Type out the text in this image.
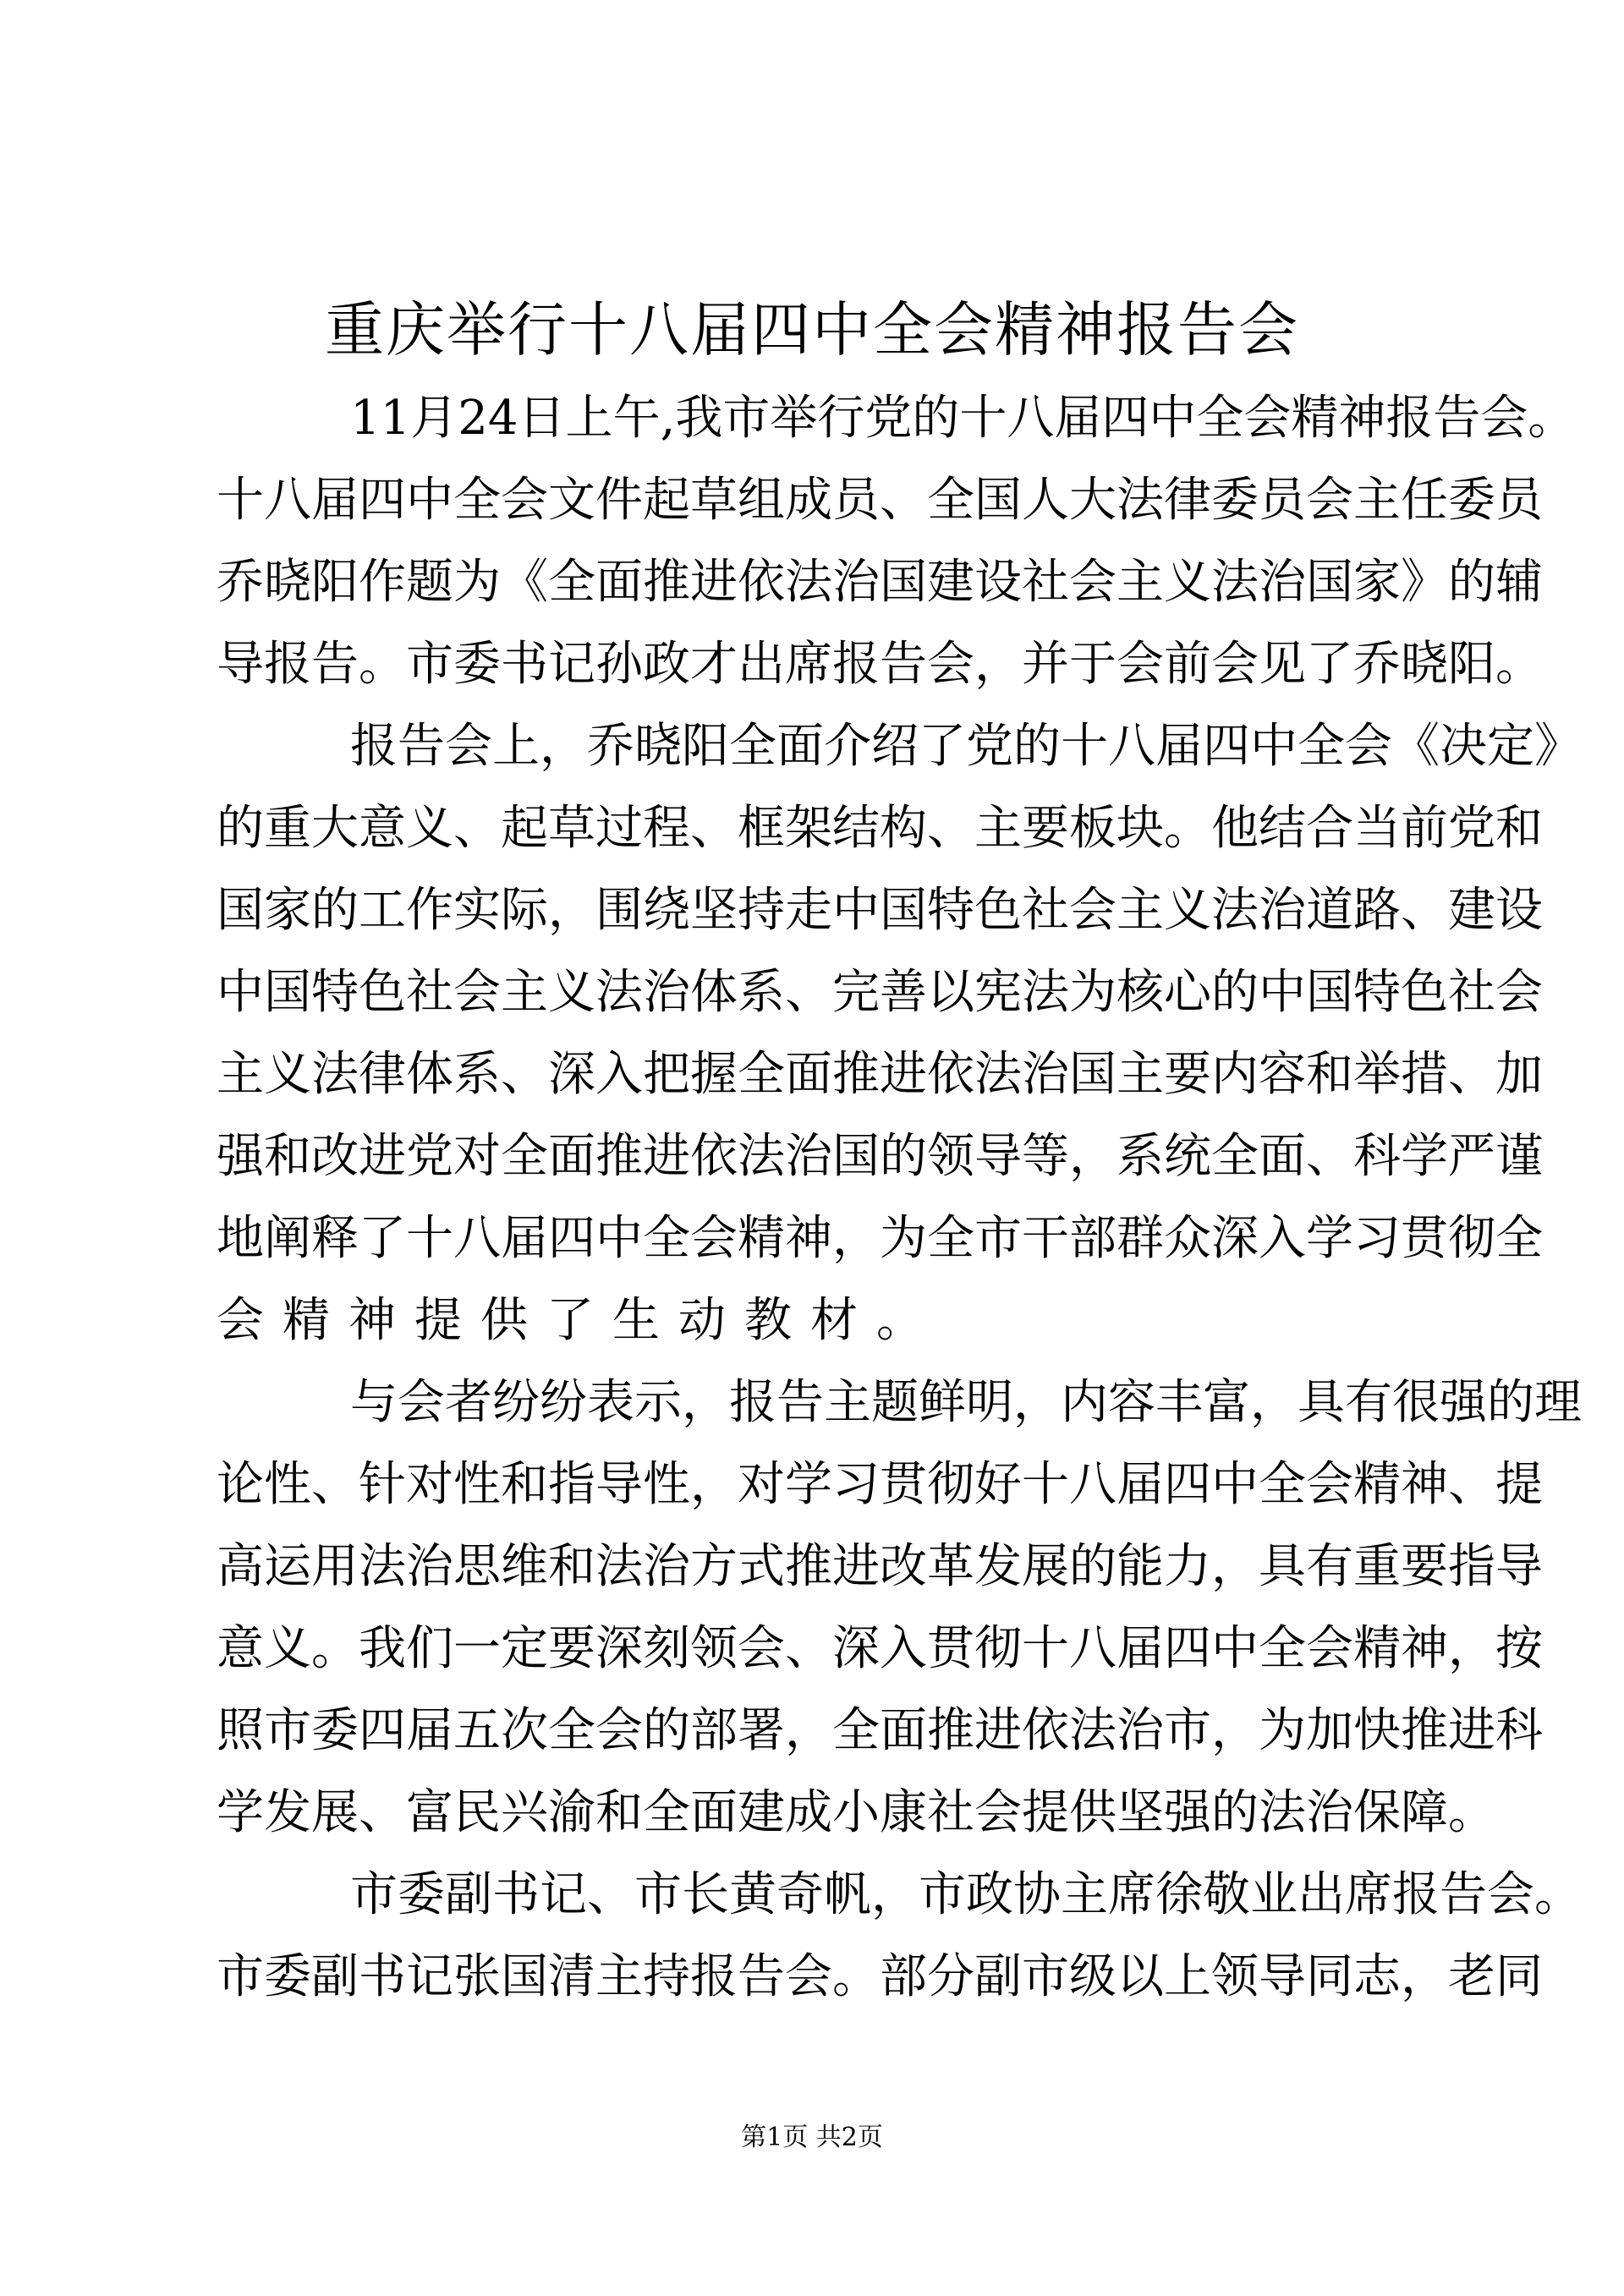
重庆举行十八届四中全会精神报告会
11月24日上午,我市举行党的十八届四中全会精神报告会。
十八届四中全会文件起草组成员、全国人大法律委员会主任委员
乔晓阳作题为《全面推进依法治国建设社会主义法治国家》的辅
导报告。市委书记孙政才出席报告会，并于会前会见了乔晓阳。
报告会上，乔晓阳全面介绍了党的十八届四中全会《决定》
的重大意义、起草过程、框架结构、主要板块。他结合当前党和
国家的工作实际，围绕坚持走中国特色社会主义法治道路、建设
中国特色社会主义法治体系、完善以宪法为核心的中国特色社会
主义法律体系、深入把握全面推进依法治国主要内容和举措、加
强和改进党对全面推进依法治国的领导等，系统全面、科学严谨
地阐释了十八届四中全会精神，为全市干部群众深入学习贯彻全
会精神提供了生动教材。
与会者纷纷表示，报告主题鲜明，内容丰富，具有很强的理
论性、针对性和指导性，对学习贯彻好十八届四中全会精神、提
高运用法治思维和法治方式推进改革发展的能力，具有重要指导
意义。我们一定要深刻领会、深入贯彻十八届四中全会精神，按
照市委四届五次全会的部署，全面推进依法治市，为加快推进科
学发展、富民兴渝和全面建成小康社会提供坚强的法治保障。
市委副书记、市长黄奇帆，市政协主席徐敬业出席报告会。
市委副书记张国清主持报告会。部分副市级以上领导同志，老同
第1页 共2页
